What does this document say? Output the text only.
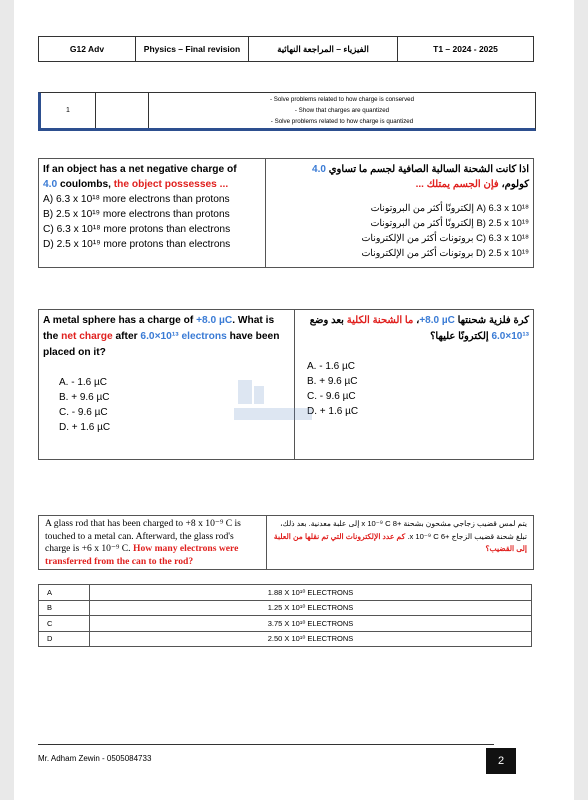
G12 Adv	Physics – Final revision	الفيزياء – المراجعة النهائية	T1 – 2024 - 2025
1
- Solve problems related to how charge is conserved
- Show that charges are quantized
- Solve problems related to how charge is quantized
If an object has a net negative charge of
4.0 coulombs, the object possesses ...
A) 6.3 x 10¹⁸ more electrons than protons
B) 2.5 x 10¹⁹ more electrons than protons
C) 6.3 x 10¹⁸ more protons than electrons
D) 2.5 x 10¹⁹ more protons than electrons
اذا كانت الشحنة السالبة الصافية لجسم ما تساوي 4.0
كولوم، فإن الجسم يمتلك ...
A) 6.3 x 10¹⁸ إلكترونًا أكثر من البروتونات
B) 2.5 x 10¹⁹ إلكترونًا أكثر من البروتونات
C) 6.3 x 10¹⁸ بروتونات أكثر من الإلكترونات
D) 2.5 x 10¹⁹ بروتونات أكثر من الإلكترونات
A metal sphere has a charge of +8.0 µC. What is the net charge after 6.0×10¹³ electrons have been placed on it?
A. - 1.6 µC
B. + 9.6 µC
C. - 9.6 µC
D. + 1.6 µC
كرة فلزية شحنتها +8.0 µC، ما الشحنة الكلية بعد وضع 6.0×10¹³ إلكترونًا عليها؟
A. - 1.6 µC
B. + 9.6 µC
C. - 9.6 µC
D. + 1.6 µC
A glass rod that has been charged to +8 x 10⁻⁹ C is touched to a metal can. Afterward, the glass rod's charge is +6 x 10⁻⁹ C. How many electrons were transferred from the can to the rod?
يتم لمس قضيب زجاجي مشحون بشحنة +8 x 10⁻⁹ C إلى علبة معدنية. بعد ذلك، تبلغ شحنة قضيب الزجاج +6 x 10⁻⁹ C. كم عدد الإلكترونات التي تم نقلها من العلبة إلى القضيب؟
A	1.88 X 10¹⁰ ELECTRONS
B	1.25 X 10¹⁰ ELECTRONS
C	3.75 X 10¹⁰ ELECTRONS
D	2.50 X 10¹⁰ ELECTRONS
Mr. Adham Zewin - 0505084733	2
